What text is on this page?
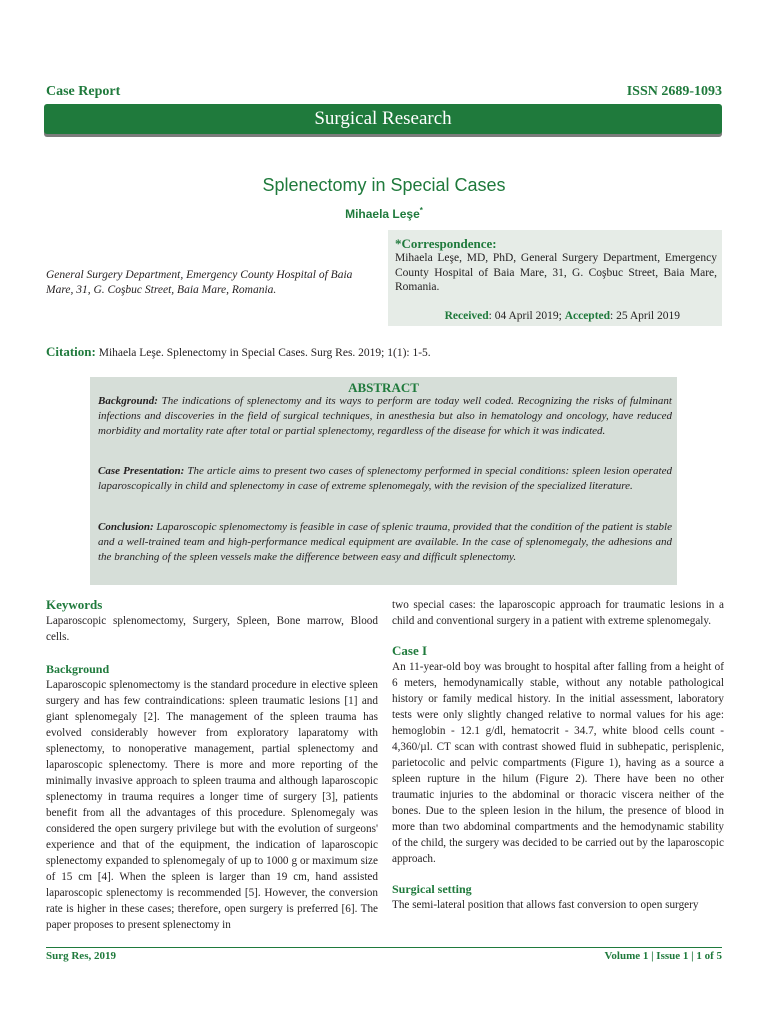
Case Report	ISSN 2689-1093
Surgical Research
Splenectomy in Special Cases
Mihaela Leşe*
General Surgery Department, Emergency County Hospital of Baia Mare, 31, G. Coşbuc Street, Baia Mare, Romania.
*Correspondence:
Mihaela Leşe, MD, PhD, General Surgery Department, Emergency County Hospital of Baia Mare, 31, G. Coşbuc Street, Baia Mare, Romania.
Received: 04 April 2019; Accepted: 25 April 2019
Citation: Mihaela Leşe. Splenectomy in Special Cases. Surg Res. 2019; 1(1): 1-5.
ABSTRACT

Background: The indications of splenectomy and its ways to perform are today well coded. Recognizing the risks of fulminant infections and discoveries in the field of surgical techniques, in anesthesia but also in hematology and oncology, have reduced morbidity and mortality rate after total or partial splenectomy, regardless of the disease for which it was indicated.

Case Presentation: The article aims to present two cases of splenectomy performed in special conditions: spleen lesion operated laparoscopically in child and splenectomy in case of extreme splenomegaly, with the revision of the specialized literature.

Conclusion: Laparoscopic splenomectomy is feasible in case of splenic trauma, provided that the condition of the patient is stable and a well-trained team and high-performance medical equipment are available. In the case of splenomegaly, the adhesions and the branching of the spleen vessels make the difference between easy and difficult splenectomy.

Keywords

Laparoscopic splenomectomy, Surgery, Spleen, Bone marrow, Blood cells.

Background

Laparoscopic splenomectomy is the standard procedure in elective spleen surgery and has few contraindications: spleen traumatic lesions [1] and giant splenomegaly [2]. The management of the spleen trauma has evolved considerably however from exploratory laparatomy with splenectomy, to nonoperative management, partial splenectomy and laparoscopic splenectomy. There is more and more reporting of the minimally invasive approach to spleen trauma and although laparoscopic splenectomy in trauma requires a longer time of surgery [3], patients benefit from all the advantages of this procedure. Splenomegaly was considered the open surgery privilege but with the evolution of surgeons' experience and that of the equipment, the indication of laparoscopic splenectomy expanded to splenomegaly of up to 1000 g or maximum size of 15 cm [4]. When the spleen is larger than 19 cm, hand assisted laparoscopic splenectomy is recommended [5]. However, the conversion rate is higher in these cases; therefore, open surgery is preferred [6]. The paper proposes to present splenectomy in

two special cases: the laparoscopic approach for traumatic lesions in a child and conventional surgery in a patient with extreme splenomegaly.

Case I

An 11-year-old boy was brought to hospital after falling from a height of 6 meters, hemodynamically stable, without any notable pathological history or family medical history. In the initial assessment, laboratory tests were only slightly changed relative to normal values for his age: hemoglobin - 12.1 g/dl, hematocrit - 34.7, white blood cells count - 4,360/µl. CT scan with contrast showed fluid in subhepatic, perisplenic, parietocolic and pelvic compartments (Figure 1), having as a source a spleen rupture in the hilum (Figure 2). There have been no other traumatic injuries to the abdominal or thoracic viscera neither of the bones. Due to the spleen lesion in the hilum, the presence of blood in more than two abdominal compartments and the hemodynamic stability of the child, the surgery was decided to be carried out by the laparoscopic approach.

Surgical setting

The semi-lateral position that allows fast conversion to open surgery

Surg Res, 2019	Volume 1 | Issue 1 | 1 of 5
